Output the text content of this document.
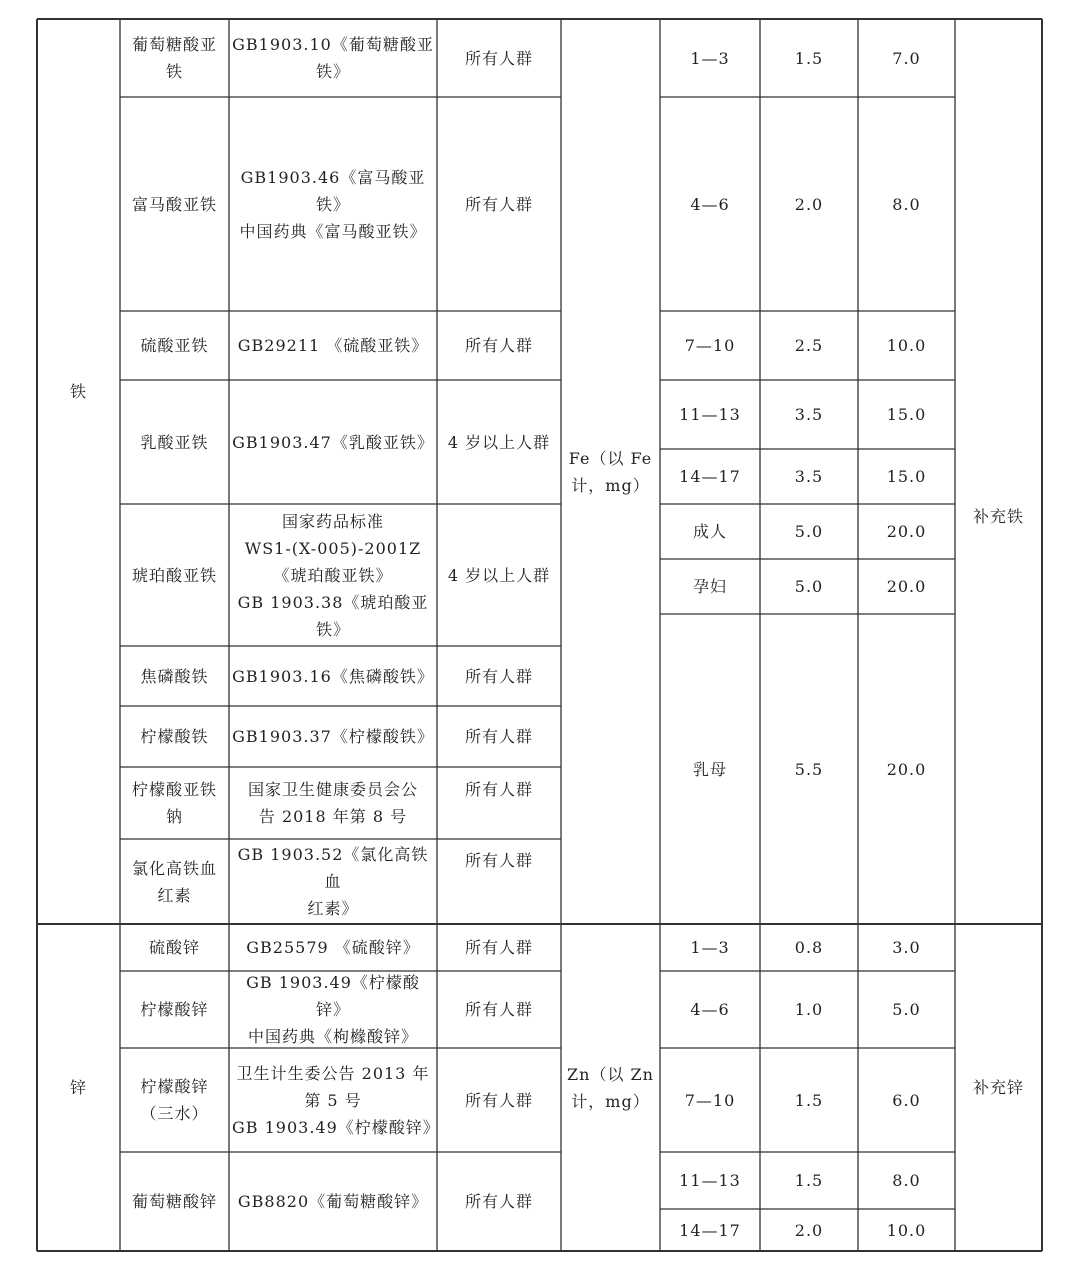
铁
葡萄糖酸亚
铁
富马酸亚铁
硫酸亚铁
乳酸亚铁
琥珀酸亚铁
焦磷酸铁
柠檬酸铁
柠檬酸亚铁
钠
氯化高铁血
红素
GB1903.10《葡萄糖酸亚
铁》
GB1903.46《富马酸亚铁》
中国药典《富马酸亚铁》
GB29211 《硫酸亚铁》
GB1903.47《乳酸亚铁》
国家药品标准
WS1-(X-005)-2001Z
《琥珀酸亚铁》
GB 1903.38《琥珀酸亚
铁》
GB1903.16《焦磷酸铁》
GB1903.37《柠檬酸铁》
国家卫生健康委员会公
告 2018 年第 8 号
GB 1903.52《氯化高铁血
红素》
所有人群
所有人群
所有人群
4 岁以上人群
4 岁以上人群
所有人群
所有人群
所有人群
所有人群
Fe（以 Fe
计，mg）
1—3
4—6
7—10
11—13
14—17
成人
孕妇
乳母
1.5
2.0
2.5
3.5
3.5
5.0
5.0
5.5
7.0
8.0
10.0
15.0
15.0
20.0
20.0
20.0
补充铁
锌
硫酸锌
柠檬酸锌
柠檬酸锌
（三水）
葡萄糖酸锌
GB25579 《硫酸锌》
GB 1903.49《柠檬酸锌》
中国药典《枸橼酸锌》
卫生计生委公告 2013 年
第 5 号
GB 1903.49《柠檬酸锌》
GB8820《葡萄糖酸锌》
所有人群
所有人群
所有人群
所有人群
Zn（以 Zn
计，mg）
1—3
4—6
7—10
11—13
14—17
0.8
1.0
1.5
1.5
2.0
3.0
5.0
6.0
8.0
10.0
补充锌
